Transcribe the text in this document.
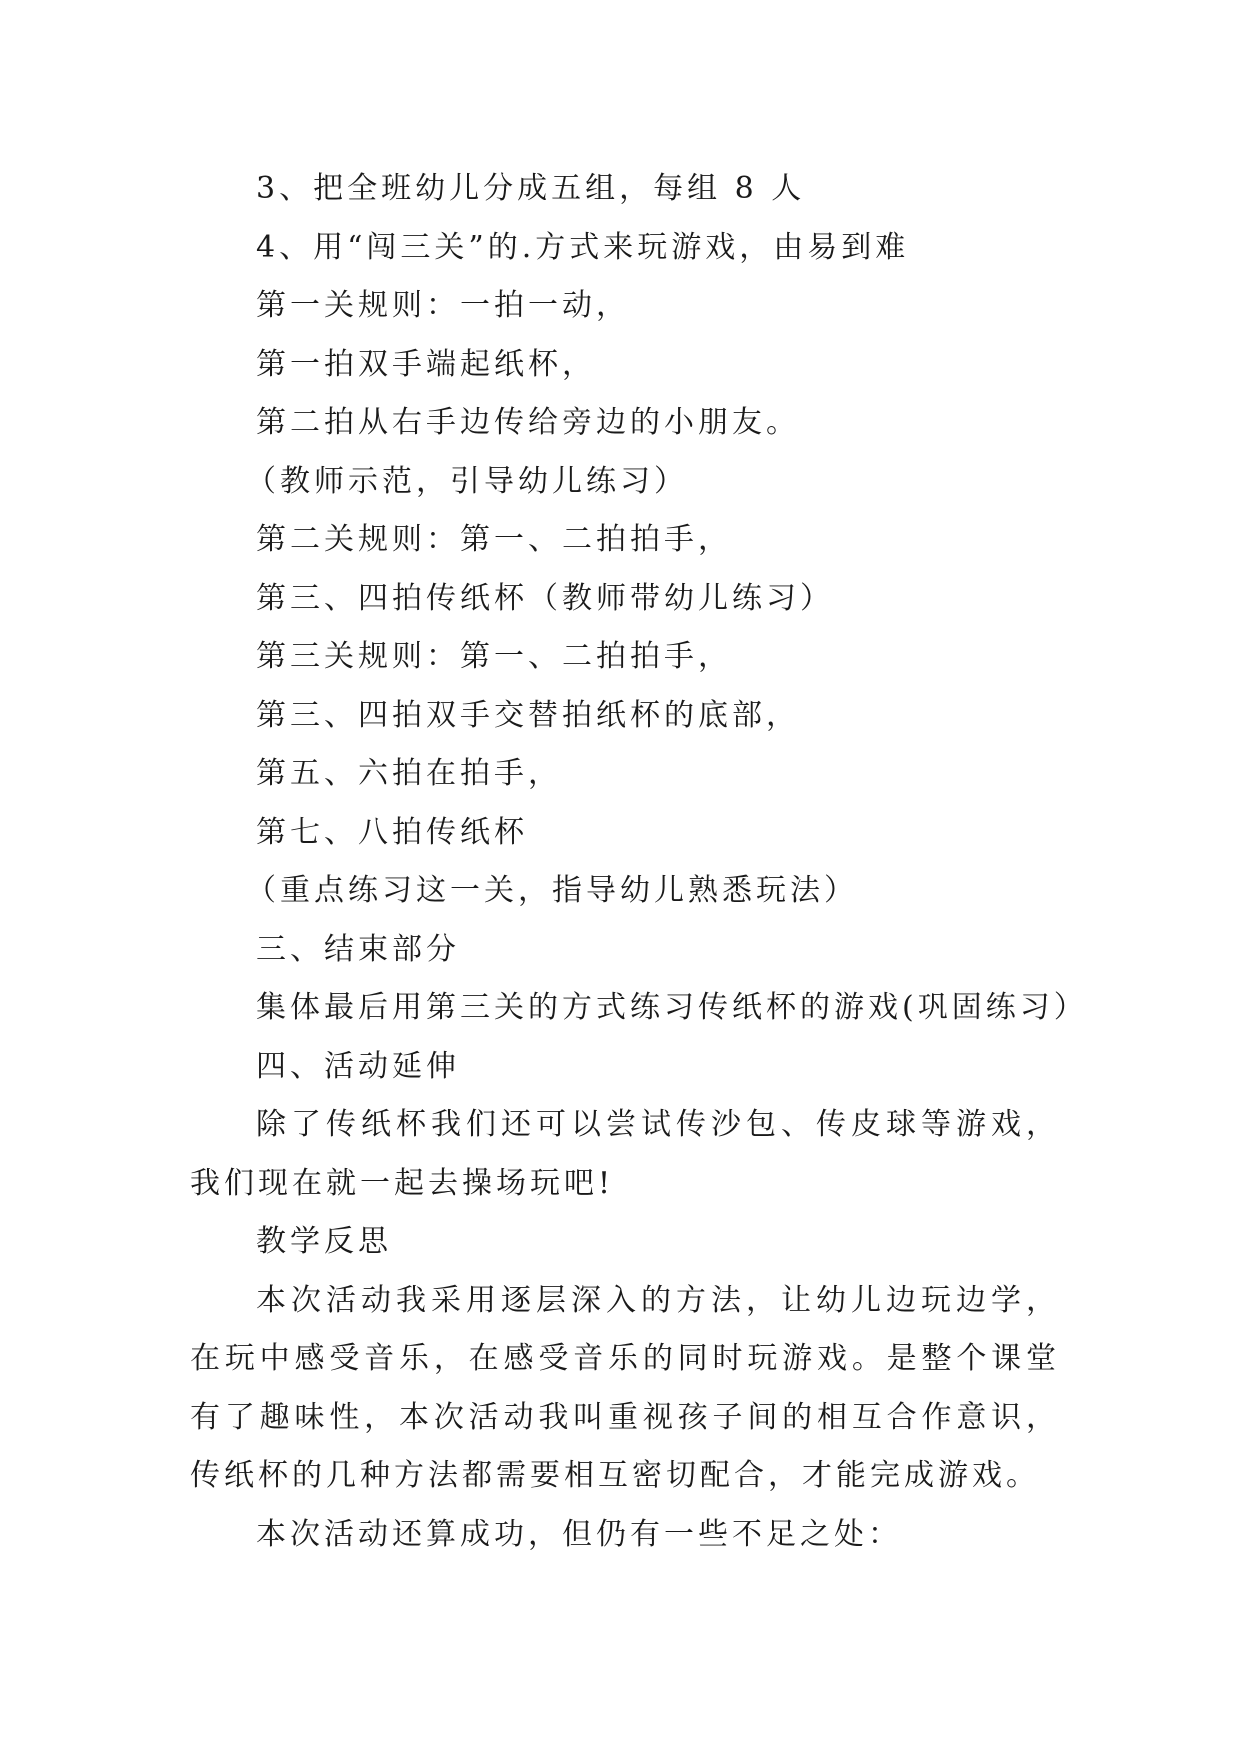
3、把全班幼儿分成五组，每组 8 人

4、用“闯三关”的.方式来玩游戏，由易到难

第一关规则：一拍一动，

第一拍双手端起纸杯，

第二拍从右手边传给旁边的小朋友。

（教师示范，引导幼儿练习）

第二关规则：第一、二拍拍手，

第三、四拍传纸杯（教师带幼儿练习）

第三关规则：第一、二拍拍手，

第三、四拍双手交替拍纸杯的底部，

第五、六拍在拍手，

第七、八拍传纸杯

（重点练习这一关，指导幼儿熟悉玩法）

三、结束部分

集体最后用第三关的方式练习传纸杯的游戏(巩固练习）

四、活动延伸

除了传纸杯我们还可以尝试传沙包、传皮球等游戏，我们现在就一起去操场玩吧!

教学反思

本次活动我采用逐层深入的方法，让幼儿边玩边学，在玩中感受音乐，在感受音乐的同时玩游戏。是整个课堂有了趣味性，本次活动我叫重视孩子间的相互合作意识，传纸杯的几种方法都需要相互密切配合，才能完成游戏。

本次活动还算成功，但仍有一些不足之处：
